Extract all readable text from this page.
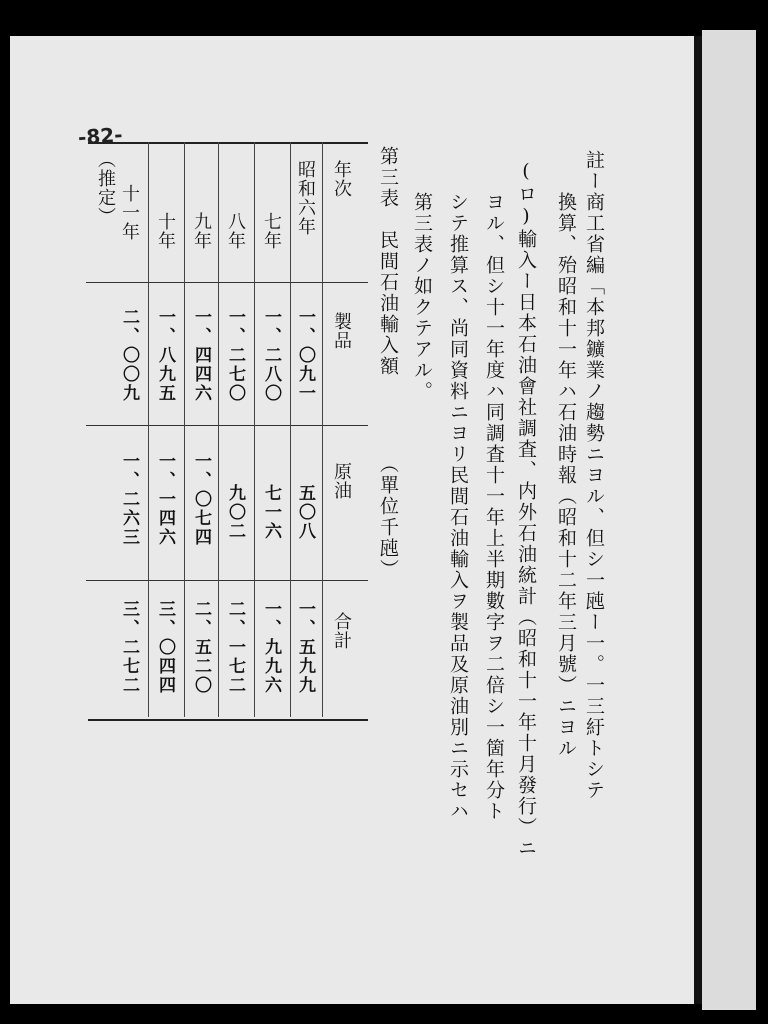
-82-
註ー商工省編「本邦鑛業ノ趨勢ニヨル、但シ一瓲ー一。一三紆トシテ
換算、殆昭和十一年ハ石油時報（昭和十二年三月號）ニヨル
(ロ)輸入ー日本石油會社調査、内外石油統計（昭和十一年十月發行）ニ
ヨル、但シ十一年度ハ同調査十一年上半期數字ヲ二倍シ一箇年分ト
シテ推算ス、尚同資料ニヨリ民間石油輸入ヲ製品及原油別ニ示セハ
第三表ノ如クテアル。
第三表　民間石油輸入額
（單位千瓲）
年次
製品
原油
合計
昭和六年
一、〇九一
五〇八
一、五九九
七年
一、二八〇
七一六
一、九九六
八年
一、二七〇
九〇二
二、一七二
九年
一、四四六
一、〇七四
二、五二〇
十年
一、八九五
一、一四六
三、〇四四
十一年
（推定）
二、〇〇九
一、二六三
三、二七二
